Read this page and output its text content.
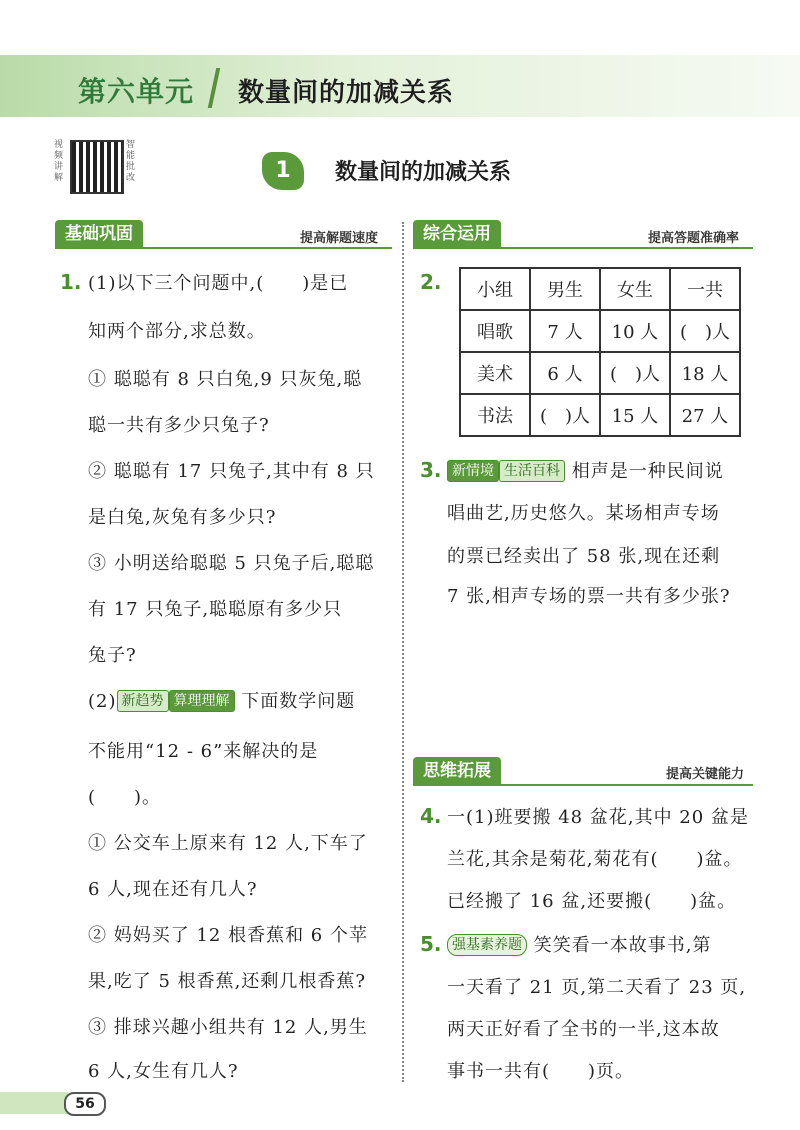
第六单元 数量间的加减关系
视频讲解
智能批改	1	数量间的加减关系
基础巩固	提高解题速度	综合运用	提高答题准确率
1. (1)以下三个问题中,(　　)是已
知两个部分,求总数。
① 聪聪有 8 只白兔,9 只灰兔,聪
聪一共有多少只兔子?
② 聪聪有 17 只兔子,其中有 8 只
是白兔,灰兔有多少只?
③ 小明送给聪聪 5 只兔子后,聪聪
有 17 只兔子,聪聪原有多少只
兔子?
(2) 新趋势 算理理解 下面数学问题
不能用“12 - 6”来解决的是
(　　)。
① 公交车上原来有 12 人,下车了
6 人,现在还有几人?
② 妈妈买了 12 根香蕉和 6 个苹
果,吃了 5 根香蕉,还剩几根香蕉?
③ 排球兴趣小组共有 12 人,男生
6 人,女生有几人?
2. 小组	男生	女生	一共
唱歌	7 人	10 人	(　)人
美术	6 人	(　)人	18 人
书法	(　)人	15 人	27 人
3. 新情境 生活百科 相声是一种民间说
唱曲艺,历史悠久。某场相声专场
的票已经卖出了 58 张,现在还剩
7 张,相声专场的票一共有多少张?
思维拓展	提高关键能力
4. 一(1)班要搬 48 盆花,其中 20 盆是
兰花,其余是菊花,菊花有(　　)盆。
已经搬了 16 盆,还要搬(　　)盆。
5. 强基素养题 笑笑看一本故事书,第
一天看了 21 页,第二天看了 23 页,
两天正好看了全书的一半,这本故
事书一共有(　　)页。
56
